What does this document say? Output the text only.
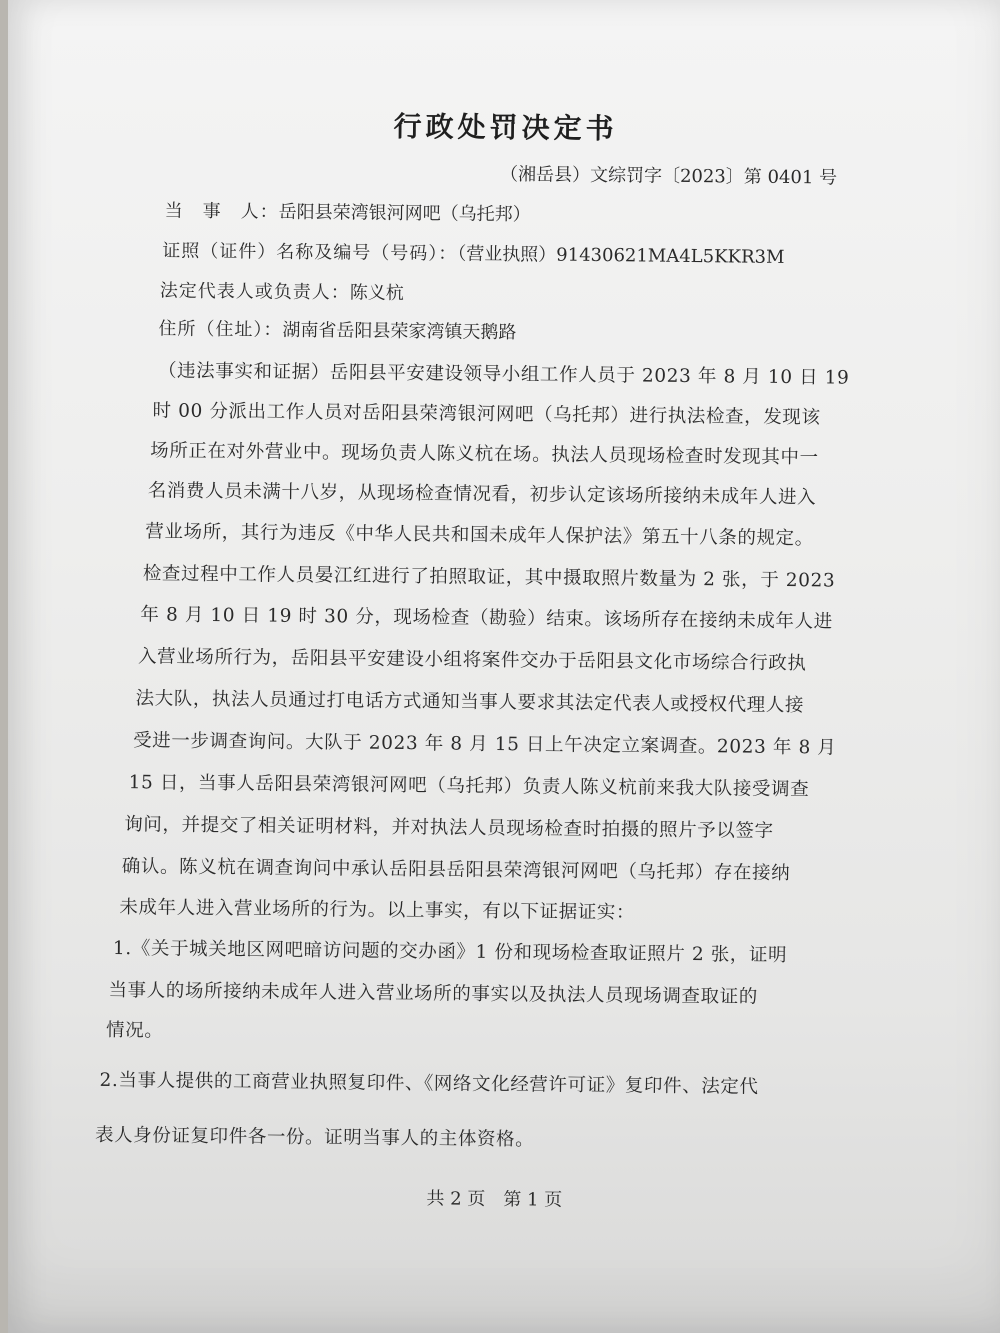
行政处罚决定书
（湘岳县）文综罚字〔2023〕第 0401 号
当　事　人：岳阳县荣湾银河网吧（乌托邦）
证照（证件）名称及编号（号码）：（营业执照）91430621MA4L5KKR3M
法定代表人或负责人：陈义杭
住所（住址）：湖南省岳阳县荣家湾镇天鹅路
（违法事实和证据）岳阳县平安建设领导小组工作人员于 2023 年 8 月 10 日 19
时 00 分派出工作人员对岳阳县荣湾银河网吧（乌托邦）进行执法检查，发现该
场所正在对外营业中。现场负责人陈义杭在场。执法人员现场检查时发现其中一
名消费人员未满十八岁，从现场检查情况看，初步认定该场所接纳未成年人进入
营业场所，其行为违反《中华人民共和国未成年人保护法》第五十八条的规定。
检查过程中工作人员晏江红进行了拍照取证，其中摄取照片数量为 2 张，于 2023
年 8 月 10 日 19 时 30 分，现场检查（勘验）结束。该场所存在接纳未成年人进
入营业场所行为，岳阳县平安建设小组将案件交办于岳阳县文化市场综合行政执
法大队，执法人员通过打电话方式通知当事人要求其法定代表人或授权代理人接
受进一步调查询问。大队于 2023 年 8 月 15 日上午决定立案调查。2023 年 8 月
15 日，当事人岳阳县荣湾银河网吧（乌托邦）负责人陈义杭前来我大队接受调查
询问，并提交了相关证明材料，并对执法人员现场检查时拍摄的照片予以签字
确认。陈义杭在调查询问中承认岳阳县岳阳县荣湾银河网吧（乌托邦）存在接纳
未成年人进入营业场所的行为。以上事实，有以下证据证实：
1.《关于城关地区网吧暗访问题的交办函》1 份和现场检查取证照片 2 张，证明
当事人的场所接纳未成年人进入营业场所的事实以及执法人员现场调查取证的
情况。
2.当事人提供的工商营业执照复印件、《网络文化经营许可证》复印件、法定代
表人身份证复印件各一份。证明当事人的主体资格。
共 2 页　第 1 页
